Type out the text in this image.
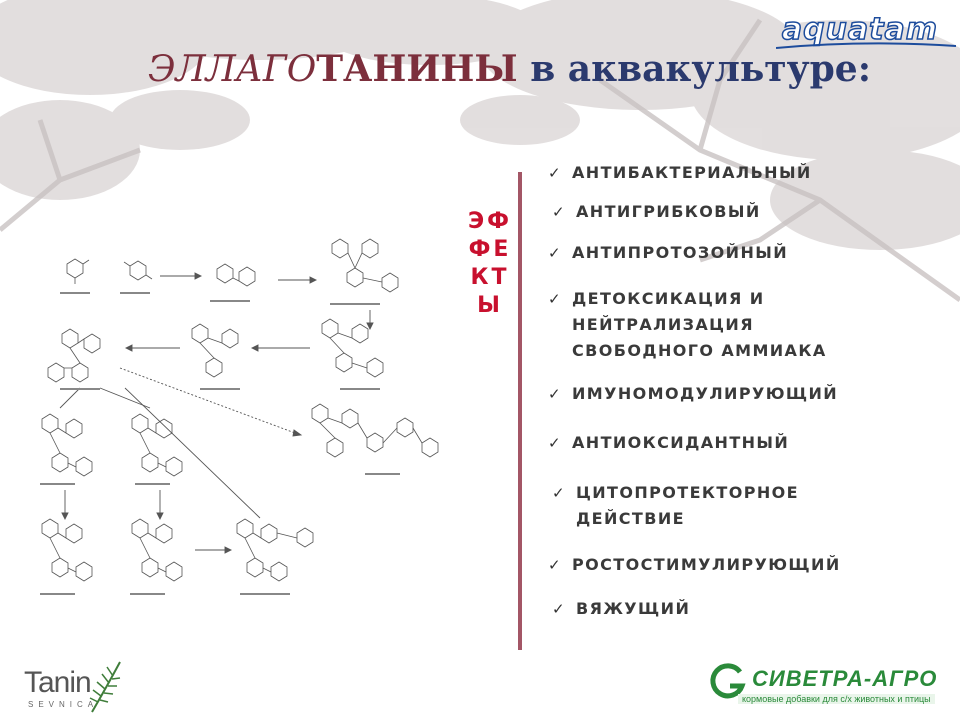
aquatam
ЭЛЛАГОТАНИНЫ в аквакультуре:
ЭФ
ФЕ
КТ
Ы
✓ АНТИБАКТЕРИАЛЬНЫЙ
✓ АНТИГРИБКОВЫЙ
✓ АНТИПРОТОЗОЙНЫЙ
✓ ДЕТОКСИКАЦИЯ И
НЕЙТРАЛИЗАЦИЯ
СВОБОДНОГО АММИАКА
✓ ИМУНОМОДУЛИРУЮЩИЙ
✓ АНТИОКСИДАНТНЫЙ
✓ ЦИТОПРОТЕКТОРНОЕ
ДЕЙСТВИЕ
✓ РОСТОСТИМУЛИРУЮЩИЙ
✓ ВЯЖУЩИЙ
Tanin
SEVNICA
СИВЕТРА-АГРО
кормовые добавки для с/х животных и птицы
